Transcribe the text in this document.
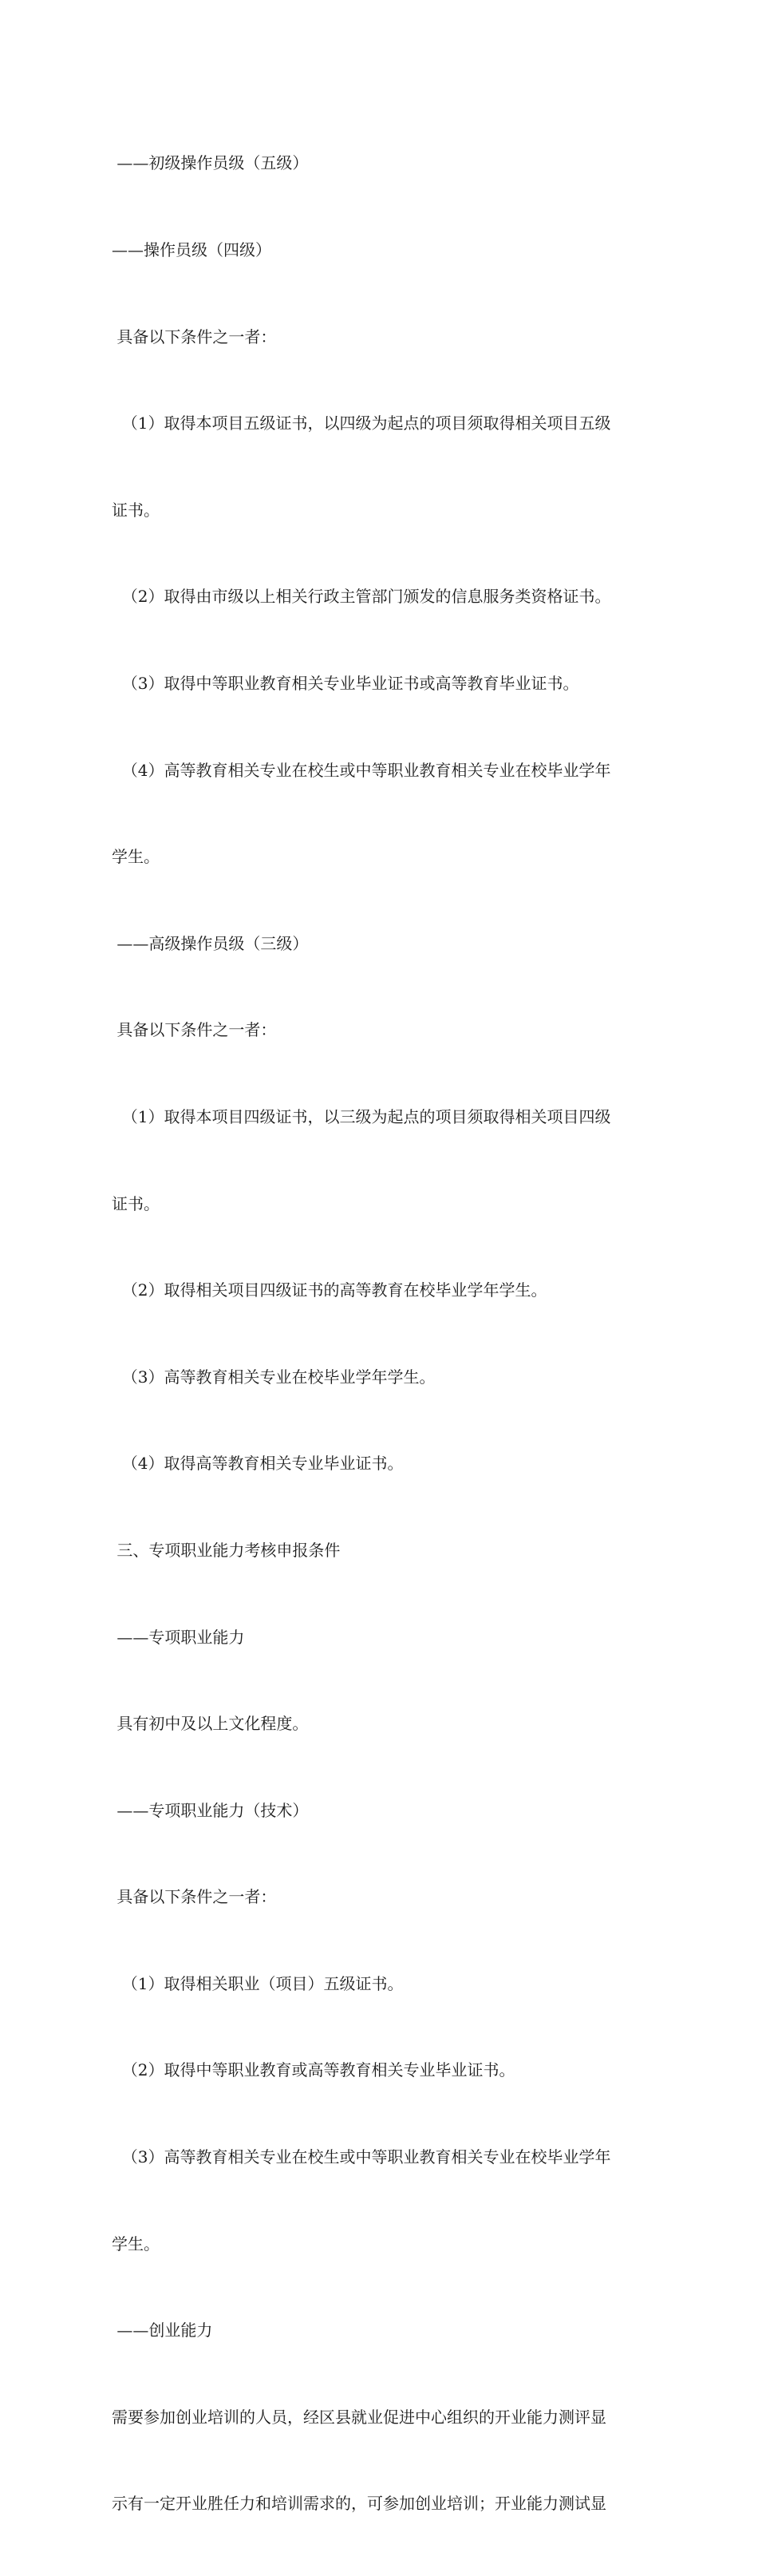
——初级操作员级（五级）

——操作员级（四级）

具备以下条件之一者：

（1）取得本项目五级证书，以四级为起点的项目须取得相关项目五级

证书。

（2）取得由市级以上相关行政主管部门颁发的信息服务类资格证书。

（3）取得中等职业教育相关专业毕业证书或高等教育毕业证书。

（4）高等教育相关专业在校生或中等职业教育相关专业在校毕业学年

学生。

——高级操作员级（三级）

具备以下条件之一者：

（1）取得本项目四级证书，以三级为起点的项目须取得相关项目四级

证书。

（2）取得相关项目四级证书的高等教育在校毕业学年学生。

（3）高等教育相关专业在校毕业学年学生。

（4）取得高等教育相关专业毕业证书。

三、专项职业能力考核申报条件

——专项职业能力

具有初中及以上文化程度。

——专项职业能力（技术）

具备以下条件之一者：

（1）取得相关职业（项目）五级证书。

（2）取得中等职业教育或高等教育相关专业毕业证书。

（3）高等教育相关专业在校生或中等职业教育相关专业在校毕业学年

学生。

——创业能力

需要参加创业培训的人员，经区县就业促进中心组织的开业能力测评显

示有一定开业胜任力和培训需求的，可参加创业培训；开业能力测试显
